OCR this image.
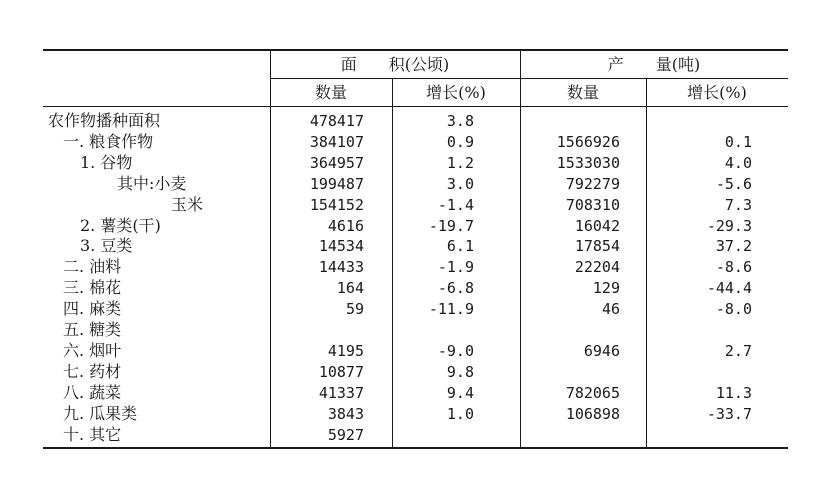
面　　积(公顷)	产　　量(吨)
数量	增长(%)	数量	增长(%)
农作物播种面积	478417	3.8
一. 粮食作物	384107	0.9	1566926	0.1
1. 谷物	364957	1.2	1533030	4.0
其中:小麦	199487	3.0	792279	-5.6
玉米	154152	-1.4	708310	7.3
2. 薯类(干)	4616	-19.7	16042	-29.3
3. 豆类	14534	6.1	17854	37.2
二. 油料	14433	-1.9	22204	-8.6
三. 棉花	164	-6.8	129	-44.4
四. 麻类	59	-11.9	46	-8.0
五. 糖类
六. 烟叶	4195	-9.0	6946	2.7
七. 药材	10877	9.8
八. 蔬菜	41337	9.4	782065	11.3
九. 瓜果类	3843	1.0	106898	-33.7
十. 其它	5927
